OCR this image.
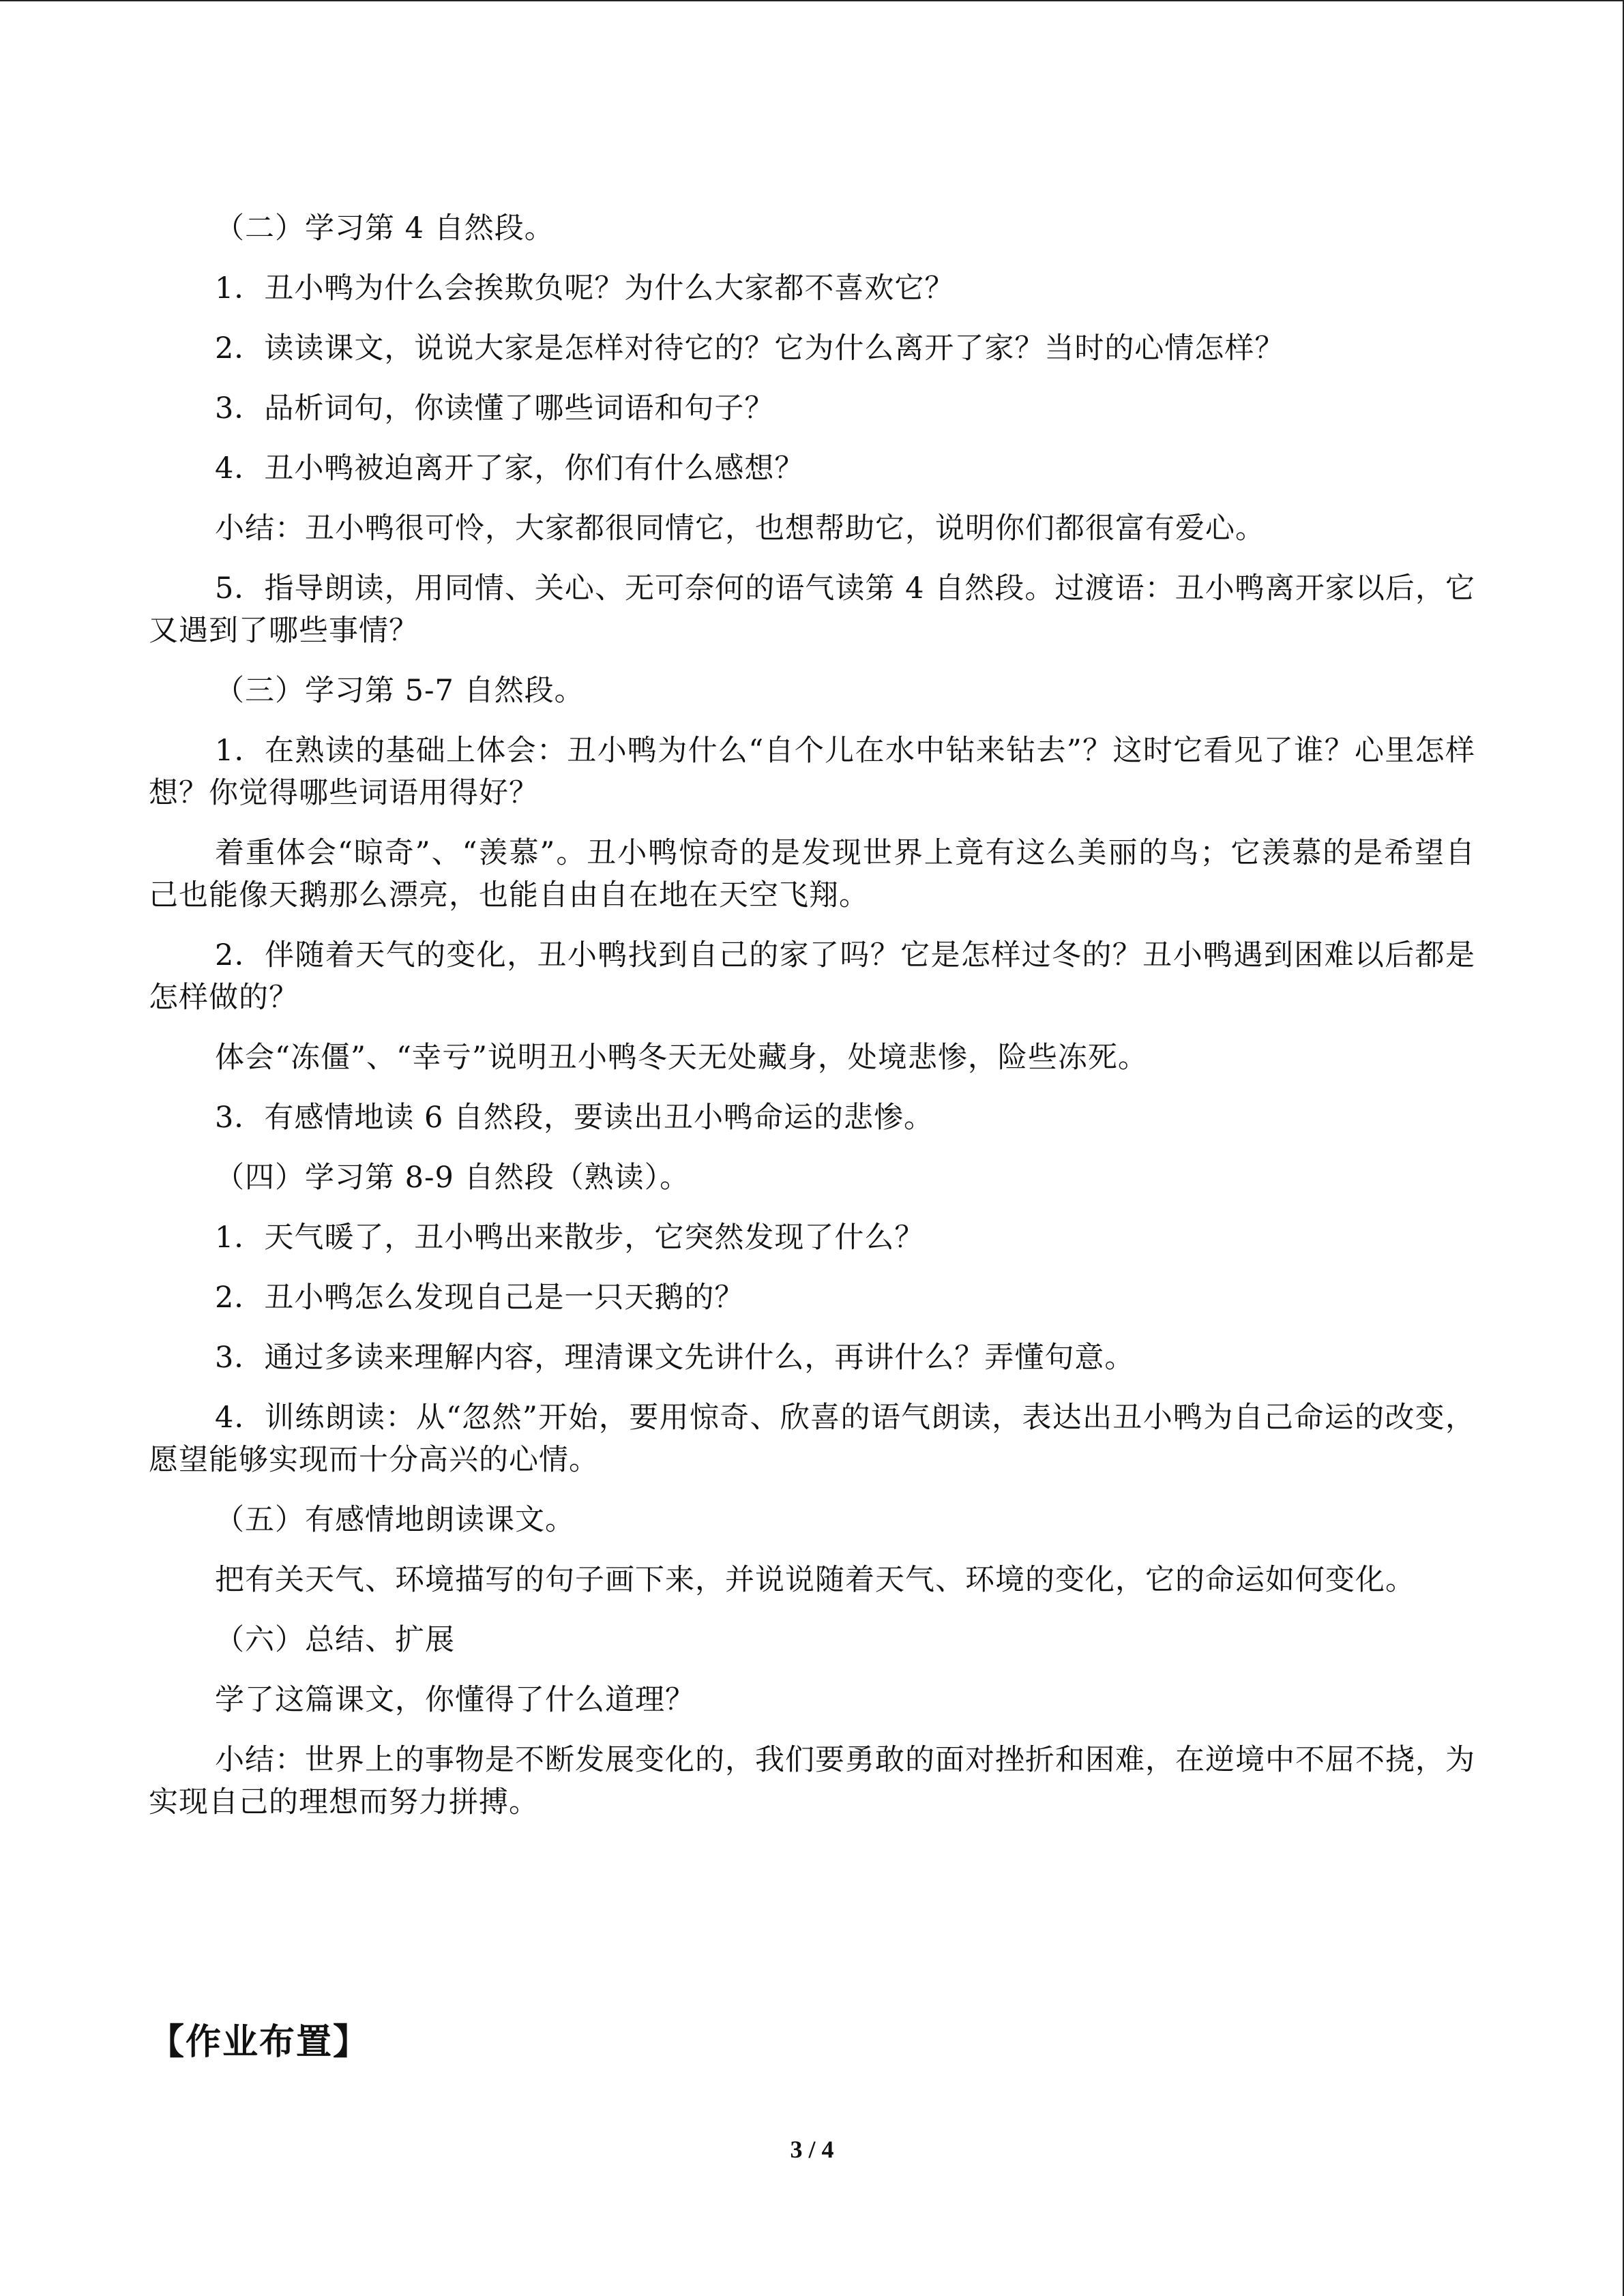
（二）学习第 4 自然段。

1．丑小鸭为什么会挨欺负呢？为什么大家都不喜欢它？

2．读读课文，说说大家是怎样对待它的？它为什么离开了家？当时的心情怎样？

3．品析词句，你读懂了哪些词语和句子？

4．丑小鸭被迫离开了家，你们有什么感想？

小结：丑小鸭很可怜，大家都很同情它，也想帮助它，说明你们都很富有爱心。

5．指导朗读，用同情、关心、无可奈何的语气读第 4 自然段。过渡语：丑小鸭离开家以后，它又遇到了哪些事情？

（三）学习第 5-7 自然段。

1．在熟读的基础上体会：丑小鸭为什么“自个儿在水中钻来钻去”？这时它看见了谁？心里怎样想？你觉得哪些词语用得好？

着重体会“晾奇”、“羡慕”。丑小鸭惊奇的是发现世界上竟有这么美丽的鸟；它羡慕的是希望自己也能像天鹅那么漂亮，也能自由自在地在天空飞翔。

2．伴随着天气的变化，丑小鸭找到自己的家了吗？它是怎样过冬的？丑小鸭遇到困难以后都是怎样做的？

体会“冻僵”、“幸亏”说明丑小鸭冬天无处藏身，处境悲惨，险些冻死。

3．有感情地读 6 自然段，要读出丑小鸭命运的悲惨。

（四）学习第 8-9 自然段（熟读）。

1．天气暖了，丑小鸭出来散步，它突然发现了什么？

2．丑小鸭怎么发现自己是一只天鹅的？

3．通过多读来理解内容，理清课文先讲什么，再讲什么？弄懂句意。

4．训练朗读：从“忽然”开始，要用惊奇、欣喜的语气朗读，表达出丑小鸭为自己命运的改变，愿望能够实现而十分高兴的心情。

（五）有感情地朗读课文。

把有关天气、环境描写的句子画下来，并说说随着天气、环境的变化，它的命运如何变化。

（六）总结、扩展

学了这篇课文，你懂得了什么道理？

小结：世界上的事物是不断发展变化的，我们要勇敢的面对挫折和困难，在逆境中不屈不挠，为实现自己的理想而努力拼搏。

【作业布置】
3 / 4
